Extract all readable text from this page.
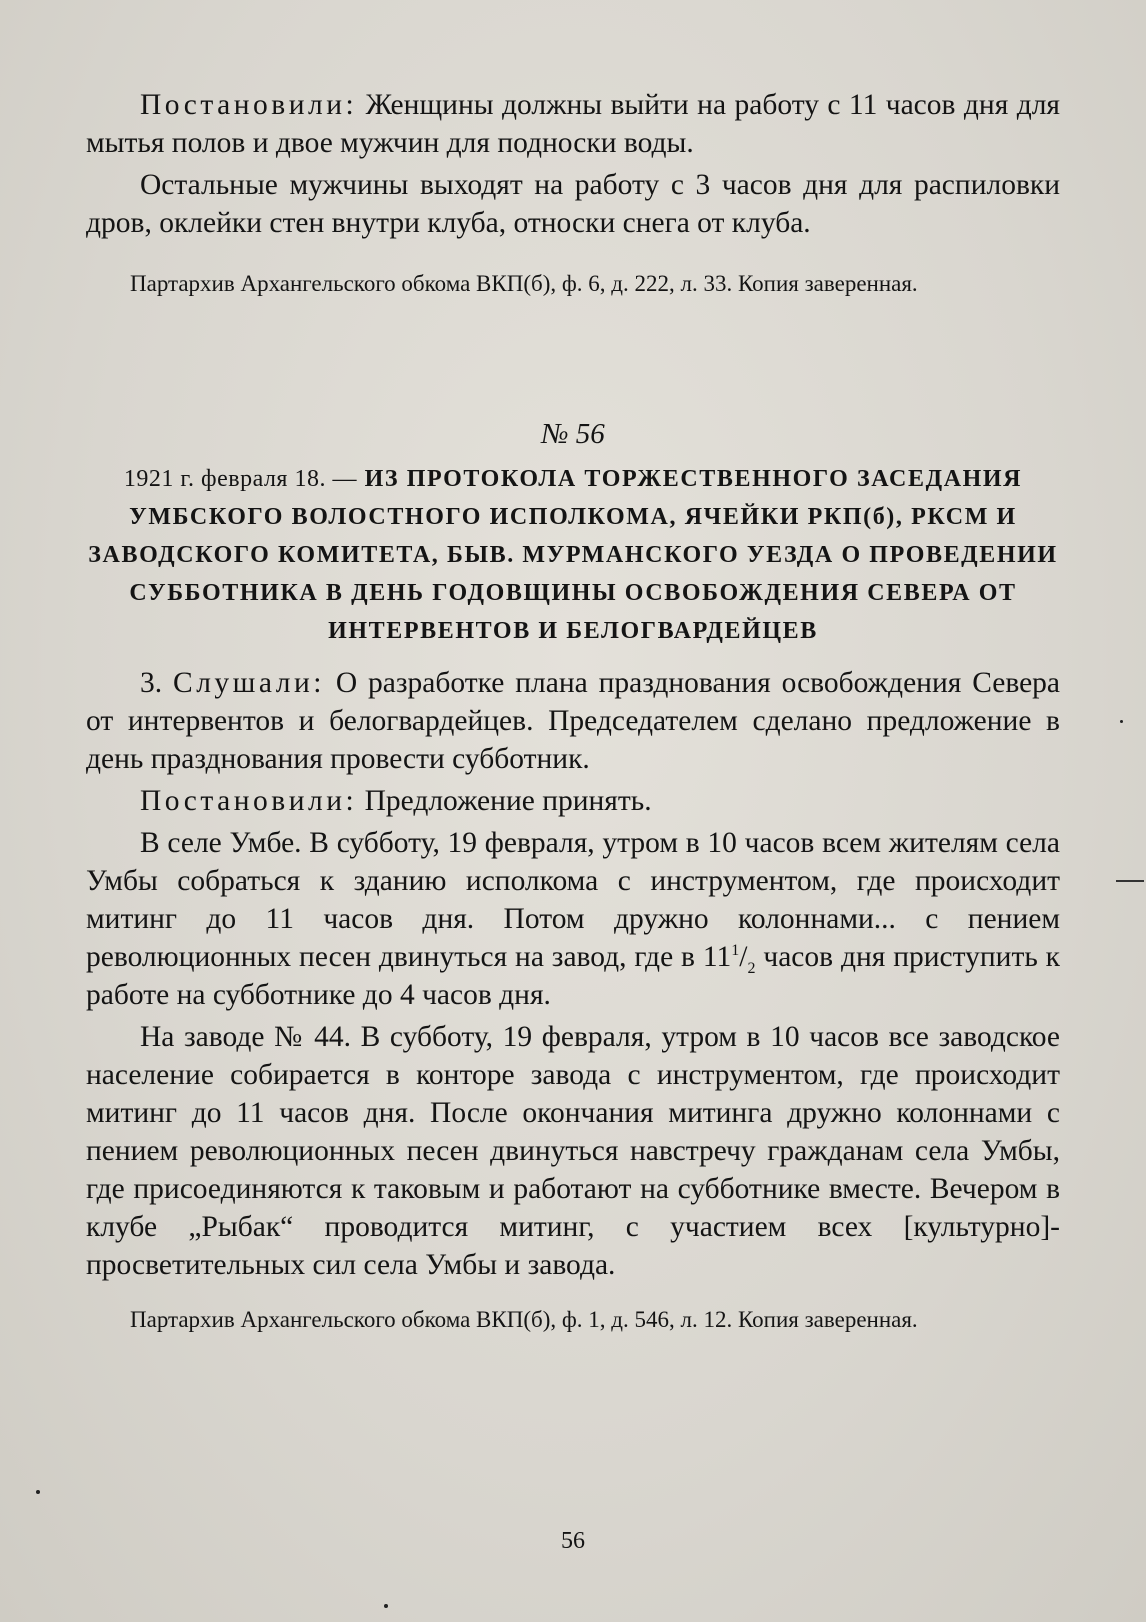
Постановили: Женщины должны выйти на работу с 11 часов дня для мытья полов и двое мужчин для подноски воды.

Остальные мужчины выходят на работу с 3 часов дня для распиловки дров, оклейки стен внутри клуба, относки снега от клуба.

Партархив Архангельского обкома ВКП(б), ф. 6, д. 222, л. 33. Копия заверенная.

№ 56

1921 г. февраля 18. — ИЗ ПРОТОКОЛА ТОРЖЕСТВЕННОГО ЗАСЕДАНИЯ УМБСКОГО ВОЛОСТНОГО ИСПОЛКОМА, ЯЧЕЙКИ РКП(б), РКСМ И ЗАВОДСКОГО КОМИТЕТА, БЫВ. МУРМАНСКОГО УЕЗДА О ПРОВЕДЕНИИ СУББОТНИКА В ДЕНЬ ГОДОВЩИНЫ ОСВОБОЖДЕНИЯ СЕВЕРА ОТ ИНТЕРВЕНТОВ И БЕЛОГВАРДЕЙЦЕВ

3. Слушали: О разработке плана празднования освобождения Севера от интервентов и белогвардейцев. Председателем сделано предложение в день празднования провести субботник.

Постановили: Предложение принять.

В селе Умбе. В субботу, 19 февраля, утром в 10 часов всем жителям села Умбы собраться к зданию исполкома с инструментом, где происходит митинг до 11 часов дня. Потом дружно колоннами... с пением революционных песен двинуться на завод, где в $11^1/_2$ часов дня приступить к работе на субботнике до 4 часов дня.

На заводе № 44. В субботу, 19 февраля, утром в 10 часов все заводское население собирается в конторе завода с инструментом, где происходит митинг до 11 часов дня. После окончания митинга дружно колоннами с пением революционных песен двинуться навстречу гражданам села Умбы, где присоединяются к таковым и работают на субботнике вместе. Вечером в клубе „Рыбак“ проводится митинг, с участием всех [культурно]-просветительных сил села Умбы и завода.

Партархив Архангельского обкома ВКП(б), ф. 1, д. 546, л. 12. Копия заверенная.

56
